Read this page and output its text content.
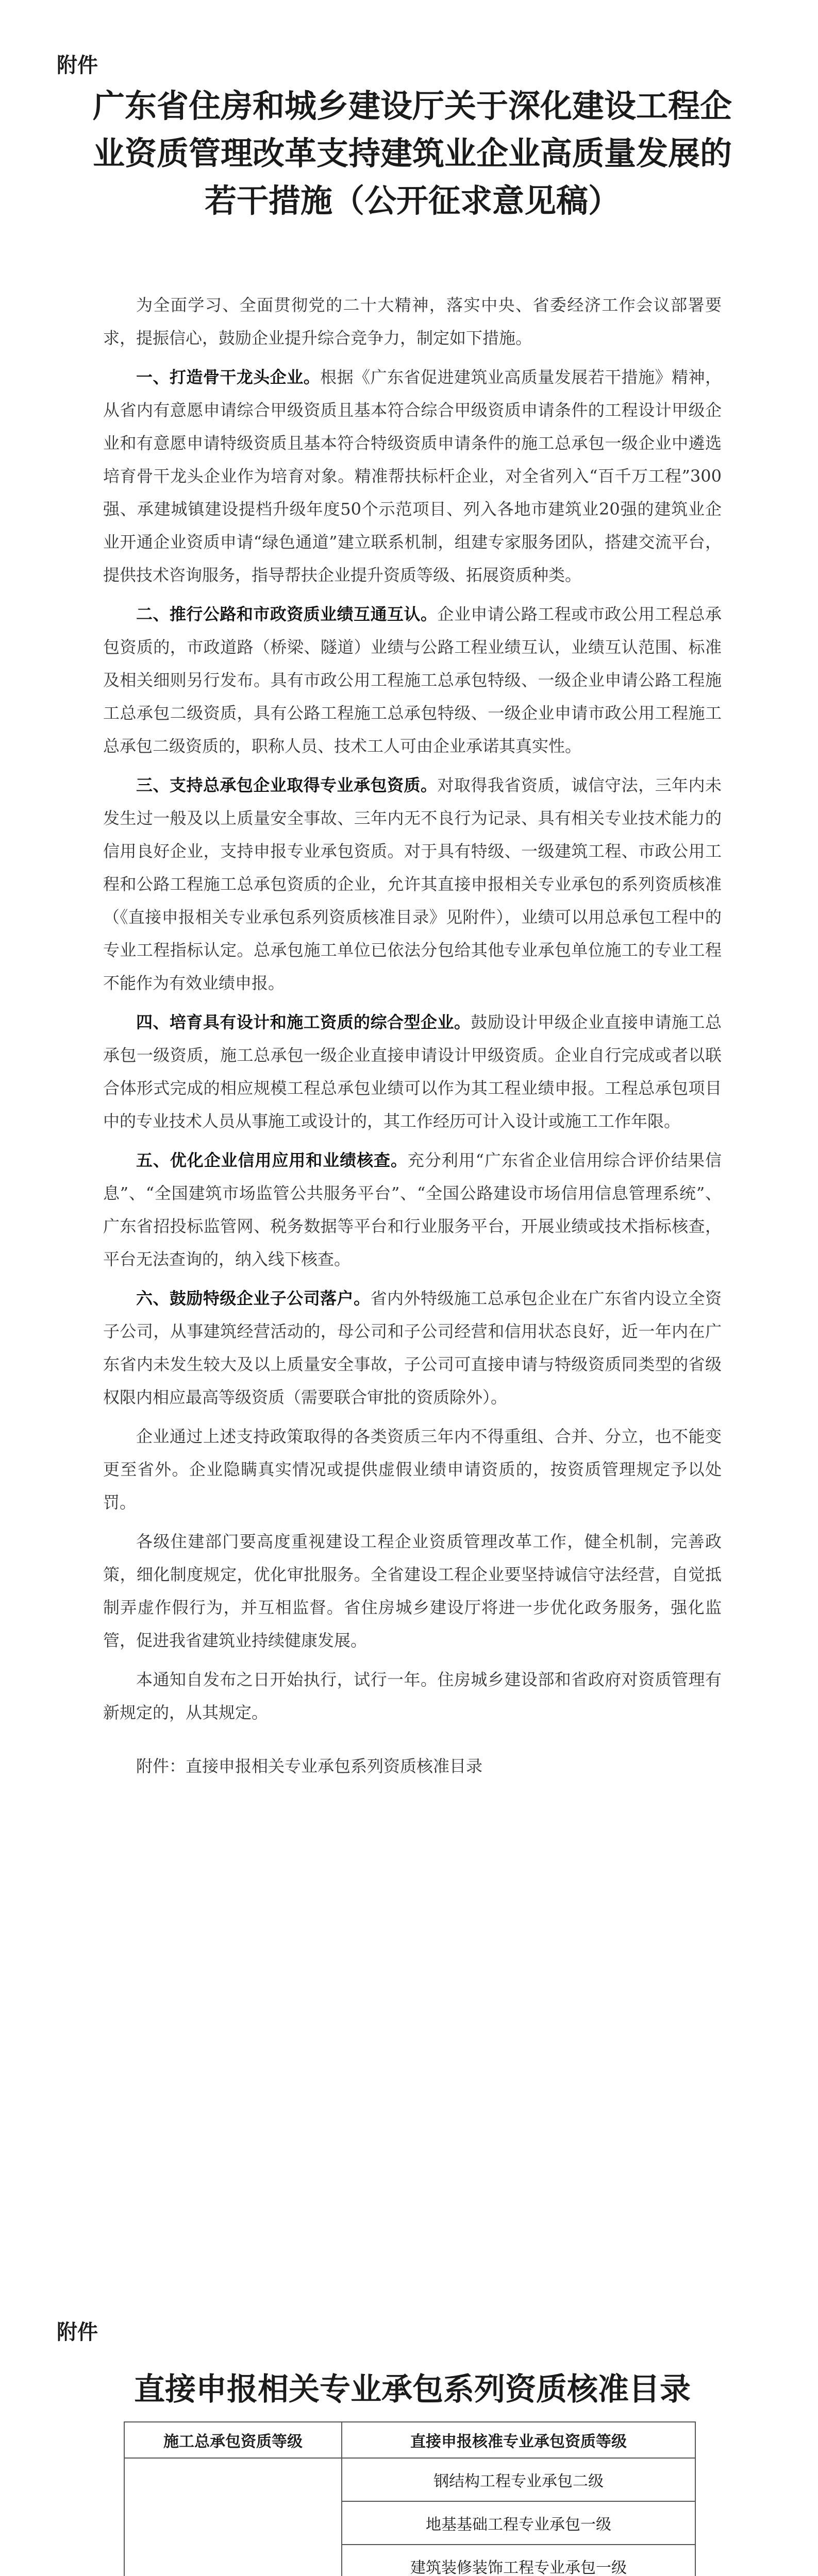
附件
广东省住房和城乡建设厅关于深化建设工程企
业资质管理改革支持建筑业企业高质量发展的
若干措施（公开征求意见稿）

为全面学习、全面贯彻党的二十大精神，落实中央、省委经济工作会议部署要求，提振信心，鼓励企业提升综合竞争力，制定如下措施。

一、打造骨干龙头企业。根据《广东省促进建筑业高质量发展若干措施》精神，从省内有意愿申请综合甲级资质且基本符合综合甲级资质申请条件的工程设计甲级企业和有意愿申请特级资质且基本符合特级资质申请条件的施工总承包一级企业中遴选培育骨干龙头企业作为培育对象。精准帮扶标杆企业，对全省列入“百千万工程”300强、承建城镇建设提档升级年度50个示范项目、列入各地市建筑业20强的建筑业企业开通企业资质申请“绿色通道”建立联系机制，组建专家服务团队，搭建交流平台，提供技术咨询服务，指导帮扶企业提升资质等级、拓展资质种类。

二、推行公路和市政资质业绩互通互认。企业申请公路工程或市政公用工程总承包资质的，市政道路（桥梁、隧道）业绩与公路工程业绩互认，业绩互认范围、标准及相关细则另行发布。具有市政公用工程施工总承包特级、一级企业申请公路工程施工总承包二级资质，具有公路工程施工总承包特级、一级企业申请市政公用工程施工总承包二级资质的，职称人员、技术工人可由企业承诺其真实性。

三、支持总承包企业取得专业承包资质。对取得我省资质，诚信守法，三年内未发生过一般及以上质量安全事故、三年内无不良行为记录、具有相关专业技术能力的信用良好企业，支持申报专业承包资质。对于具有特级、一级建筑工程、市政公用工程和公路工程施工总承包资质的企业，允许其直接申报相关专业承包的系列资质核准（《直接申报相关专业承包系列资质核准目录》见附件），业绩可以用总承包工程中的专业工程指标认定。总承包施工单位已依法分包给其他专业承包单位施工的专业工程不能作为有效业绩申报。

四、培育具有设计和施工资质的综合型企业。鼓励设计甲级企业直接申请施工总承包一级资质，施工总承包一级企业直接申请设计甲级资质。企业自行完成或者以联合体形式完成的相应规模工程总承包业绩可以作为其工程业绩申报。工程总承包项目中的专业技术人员从事施工或设计的，其工作经历可计入设计或施工工作年限。

五、优化企业信用应用和业绩核查。充分利用“广东省企业信用综合评价结果信息”、“全国建筑市场监管公共服务平台”、“全国公路建设市场信用信息管理系统”、广东省招投标监管网、税务数据等平台和行业服务平台，开展业绩或技术指标核查，平台无法查询的，纳入线下核查。

六、鼓励特级企业子公司落户。省内外特级施工总承包企业在广东省内设立全资子公司，从事建筑经营活动的，母公司和子公司经营和信用状态良好，近一年内在广东省内未发生较大及以上质量安全事故，子公司可直接申请与特级资质同类型的省级权限内相应最高等级资质（需要联合审批的资质除外）。

企业通过上述支持政策取得的各类资质三年内不得重组、合并、分立，也不能变更至省外。企业隐瞒真实情况或提供虚假业绩申请资质的，按资质管理规定予以处罚。

各级住建部门要高度重视建设工程企业资质管理改革工作，健全机制，完善政策，细化制度规定，优化审批服务。全省建设工程企业要坚持诚信守法经营，自觉抵制弄虚作假行为，并互相监督。省住房城乡建设厅将进一步优化政务服务，强化监管，促进我省建筑业持续健康发展。

本通知自发布之日开始执行，试行一年。住房城乡建设部和省政府对资质管理有新规定的，从其规定。

附件：直接申报相关专业承包系列资质核准目录

附件
直接申报相关专业承包系列资质核准目录
施工总承包资质等级	直接申报核准专业承包资质等级

	钢结构工程专业承包二级
	地基基础工程专业承包一级
	建筑装修装饰工程专业承包一级
